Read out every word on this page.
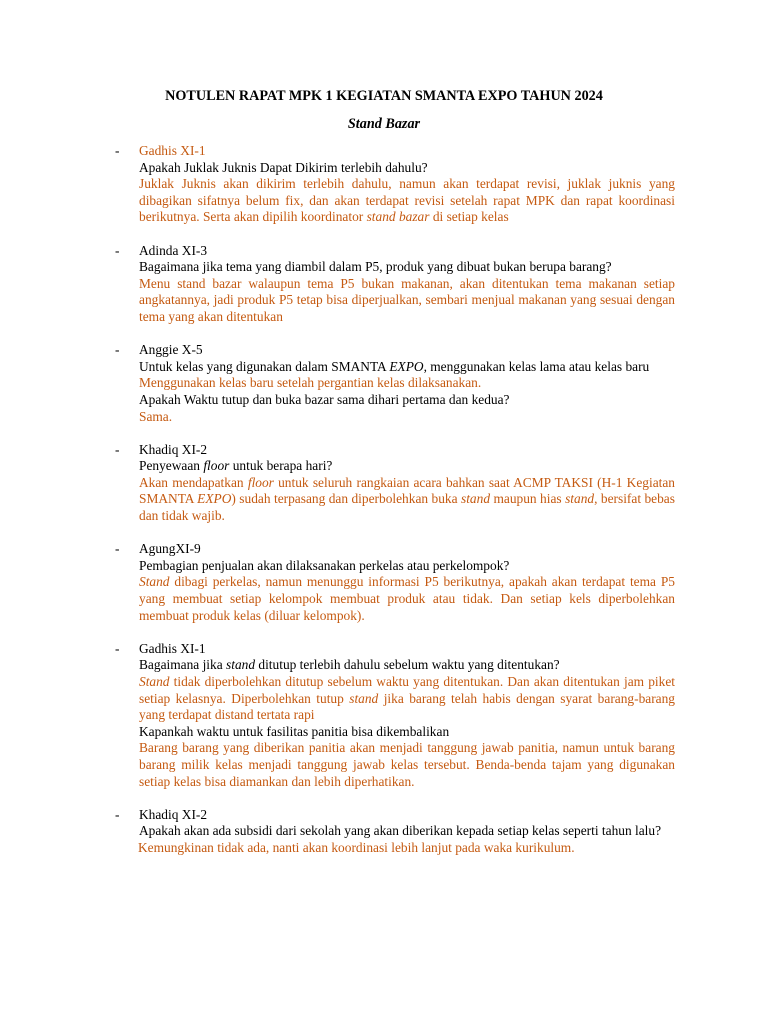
NOTULEN RAPAT MPK 1 KEGIATAN SMANTA EXPO TAHUN 2024
Stand Bazar
- Gadhis XI-1
Apakah Juklak Juknis Dapat Dikirim terlebih dahulu?
Juklak Juknis akan dikirim terlebih dahulu, namun akan terdapat revisi, juklak juknis yang dibagikan sifatnya belum fix, dan akan terdapat revisi setelah rapat MPK dan rapat koordinasi berikutnya. Serta akan dipilih koordinator stand bazar di setiap kelas
- Adinda XI-3
Bagaimana jika tema yang diambil dalam P5, produk yang dibuat bukan berupa barang?
Menu stand bazar walaupun tema P5 bukan makanan, akan ditentukan tema makanan setiap angkatannya, jadi produk P5 tetap bisa diperjualkan, sembari menjual makanan yang sesuai dengan tema yang akan ditentukan
- Anggie X-5
Untuk kelas yang digunakan dalam SMANTA EXPO, menggunakan kelas lama atau kelas baru
Menggunakan kelas baru setelah pergantian kelas dilaksanakan.
Apakah Waktu tutup dan buka bazar sama dihari pertama dan kedua?
Sama.
- Khadiq XI-2
Penyewaan floor untuk berapa hari?
Akan mendapatkan floor untuk seluruh rangkaian acara bahkan saat ACMP TAKSI (H-1 Kegiatan SMANTA EXPO) sudah terpasang dan diperbolehkan buka stand maupun hias stand, bersifat bebas dan tidak wajib.
- AgungXI-9
Pembagian penjualan akan dilaksanakan perkelas atau perkelompok?
Stand dibagi perkelas, namun menunggu informasi P5 berikutnya, apakah akan terdapat tema P5 yang membuat setiap kelompok membuat produk atau tidak. Dan setiap kels diperbolehkan membuat produk kelas (diluar kelompok).
- Gadhis XI-1
Bagaimana jika stand ditutup terlebih dahulu sebelum waktu yang ditentukan?
Stand tidak diperbolehkan ditutup sebelum waktu yang ditentukan. Dan akan ditentukan jam piket setiap kelasnya. Diperbolehkan tutup stand jika barang telah habis dengan syarat barang-barang yang terdapat distand tertata rapi
Kapankah waktu untuk fasilitas panitia bisa dikembalikan
Barang barang yang diberikan panitia akan menjadi tanggung jawab panitia, namun untuk barang barang milik kelas menjadi tanggung jawab kelas tersebut. Benda-benda tajam yang digunakan setiap kelas bisa diamankan dan lebih diperhatikan.
- Khadiq XI-2
Apakah akan ada subsidi dari sekolah yang akan diberikan kepada setiap kelas seperti tahun lalu?
Kemungkinan tidak ada, nanti akan koordinasi lebih lanjut pada waka kurikulum.
